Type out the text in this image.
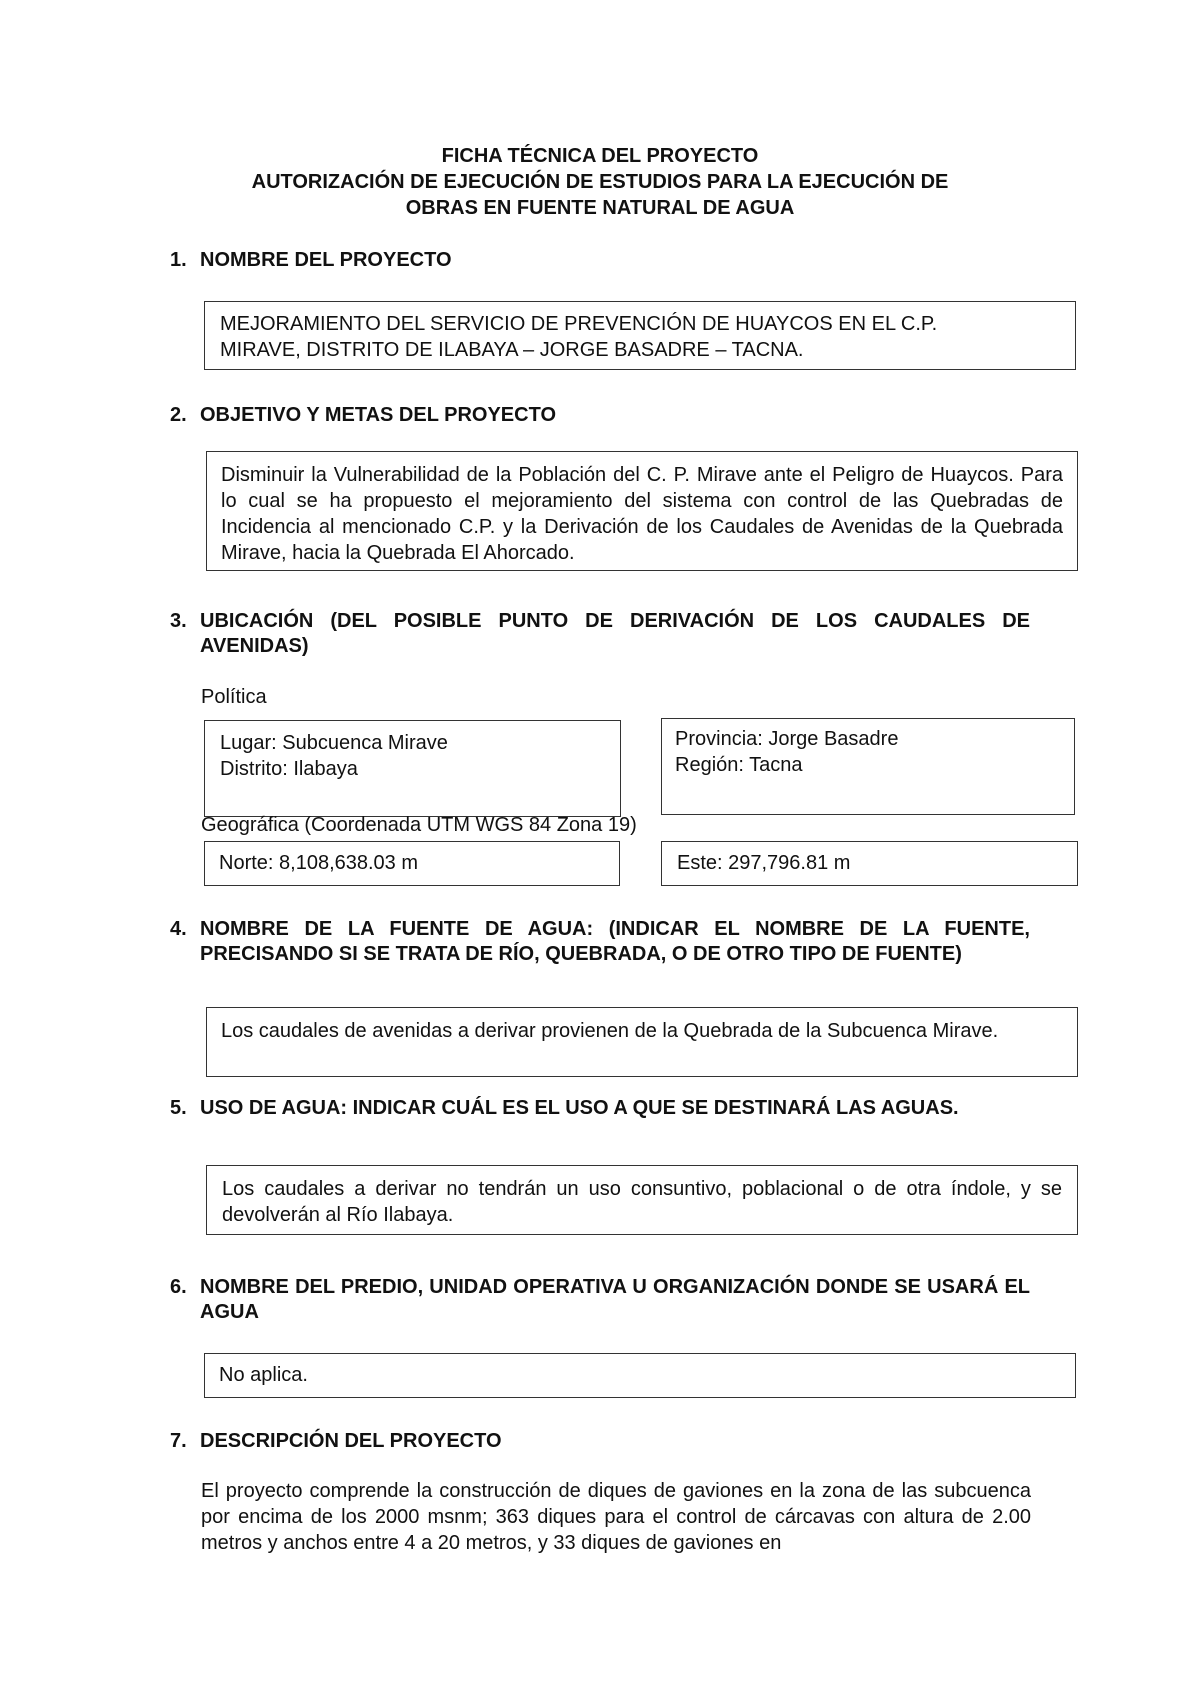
FICHA TÉCNICA DEL PROYECTO
AUTORIZACIÓN DE EJECUCIÓN DE ESTUDIOS PARA LA EJECUCIÓN DE
OBRAS EN FUENTE NATURAL DE AGUA
1. NOMBRE DEL PROYECTO
MEJORAMIENTO DEL SERVICIO DE PREVENCIÓN DE HUAYCOS EN EL C.P.
MIRAVE, DISTRITO DE ILABAYA – JORGE BASADRE – TACNA.
2. OBJETIVO Y METAS DEL PROYECTO
Disminuir la Vulnerabilidad de la Población del C. P. Mirave ante el Peligro de Huaycos. Para lo cual se ha propuesto el mejoramiento del sistema con control de las Quebradas de Incidencia al mencionado C.P. y la Derivación de los Caudales de Avenidas de la Quebrada Mirave, hacia la Quebrada El Ahorcado.
3. UBICACIÓN (DEL POSIBLE PUNTO DE DERIVACIÓN DE LOS CAUDALES DE AVENIDAS)
Política
Lugar: Subcuenca Mirave
Distrito: Ilabaya
Provincia: Jorge Basadre
Región: Tacna
Geográfica (Coordenada UTM WGS 84 Zona 19)
Norte: 8,108,638.03 m	Este: 297,796.81 m
4. NOMBRE DE LA FUENTE DE AGUA: (INDICAR EL NOMBRE DE LA FUENTE, PRECISANDO SI SE TRATA DE RÍO, QUEBRADA, O DE OTRO TIPO DE FUENTE)
Los caudales de avenidas a derivar provienen de la Quebrada de la Subcuenca Mirave.
5. USO DE AGUA: INDICAR CUÁL ES EL USO A QUE SE DESTINARÁ LAS AGUAS.
Los caudales a derivar no tendrán un uso consuntivo, poblacional o de otra índole, y se devolverán al Río Ilabaya.
6. NOMBRE DEL PREDIO, UNIDAD OPERATIVA U ORGANIZACIÓN DONDE SE USARÁ EL AGUA
No aplica.
7. DESCRIPCIÓN DEL PROYECTO
El proyecto comprende la construcción de diques de gaviones en la zona de las subcuenca por encima de los 2000 msnm; 363 diques para el control de cárcavas con altura de 2.00 metros y anchos entre 4 a 20 metros, y 33 diques de gaviones en
